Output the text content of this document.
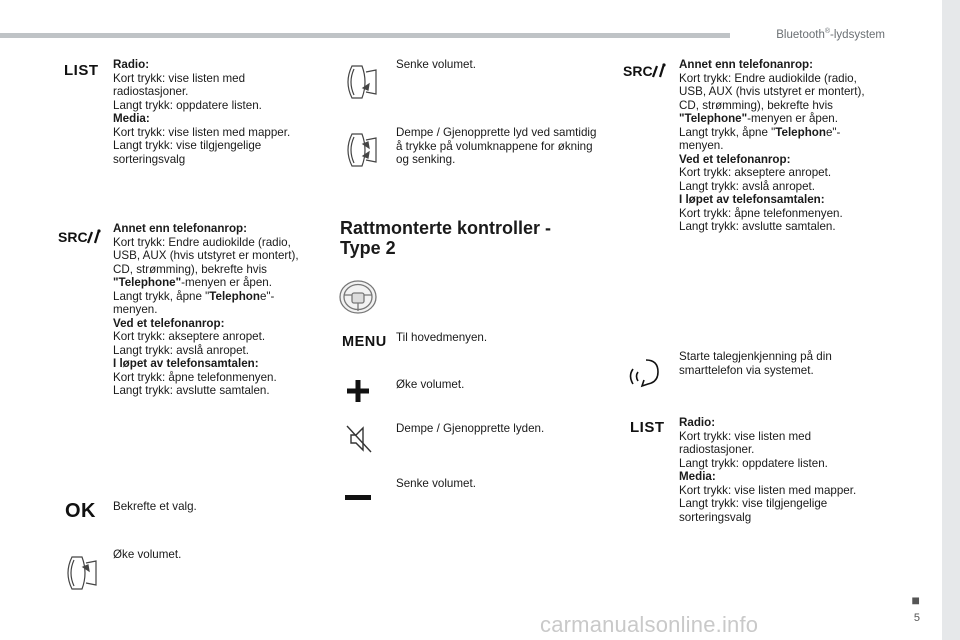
Bluetooth®-lydsystem
■
5
carmanualsonline.info
LIST Radio:
Kort trykk: vise listen med radiostasjoner.
Langt trykk: oppdatere listen.
Media:
Kort trykk: vise listen med mapper.
Langt trykk: vise tilgjengelige sorteringsvalg
SRC
Annet enn telefonanrop:
Kort trykk: Endre audiokilde (radio, USB, AUX (hvis utstyret er montert), CD, strømming), bekrefte hvis
"Telephone"-menyen er åpen.
Langt trykk, åpne "Telephone"-menyen.
Ved et telefonanrop:
Kort trykk: akseptere anropet.
Langt trykk: avslå anropet.
I løpet av telefonsamtalen:
Kort trykk: åpne telefonmenyen.
Langt trykk: avslutte samtalen.
OK Bekrefte et valg.
Øke volumet.
Senke volumet.
Dempe / Gjenopprette lyd ved samtidig å trykke på volumknappene for økning og senking.
Rattmonterte kontroller - Type 2
MENU Til hovedmenyen.
Øke volumet.
Dempe / Gjenopprette lyden.
Senke volumet.
SRC Annet enn telefonanrop:
Kort trykk: Endre audiokilde (radio, USB, AUX (hvis utstyret er montert), CD, strømming), bekrefte hvis
"Telephone"-menyen er åpen.
Langt trykk, åpne "Telephone"-menyen.
Ved et telefonanrop:
Kort trykk: akseptere anropet.
Langt trykk: avslå anropet.
I løpet av telefonsamtalen:
Kort trykk: åpne telefonmenyen.
Langt trykk: avslutte samtalen.
Starte talegjenkjenning på din smarttelefon via systemet.
LIST Radio:
Kort trykk: vise listen med radiostasjoner.
Langt trykk: oppdatere listen.
Media:
Kort trykk: vise listen med mapper.
Langt trykk: vise tilgjengelige sorteringsvalg
